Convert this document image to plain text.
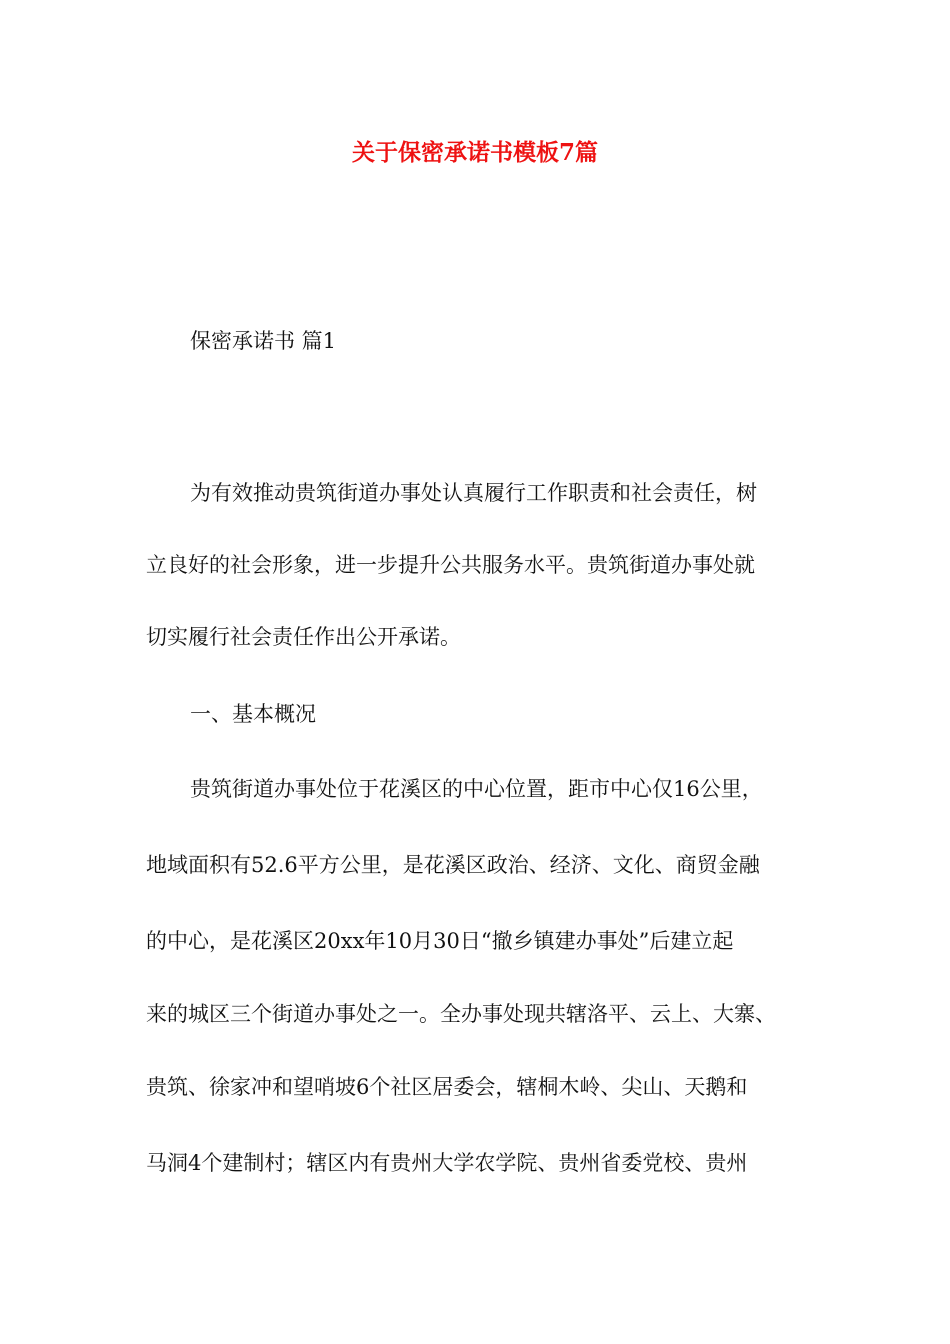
关于保密承诺书模板7篇

保密承诺书 篇1

为有效推动贵筑街道办事处认真履行工作职责和社会责任，树

立良好的社会形象，进一步提升公共服务水平。贵筑街道办事处就

切实履行社会责任作出公开承诺。

一、基本概况

贵筑街道办事处位于花溪区的中心位置，距市中心仅16公里，

地域面积有52.6平方公里，是花溪区政治、经济、文化、商贸金融

的中心，是花溪区20xx年10月30日“撤乡镇建办事处”后建立起

来的城区三个街道办事处之一。全办事处现共辖洛平、云上、大寨、

贵筑、徐家冲和望哨坡6个社区居委会，辖桐木岭、尖山、天鹅和

马洞4个建制村；辖区内有贵州大学农学院、贵州省委党校、贵州
